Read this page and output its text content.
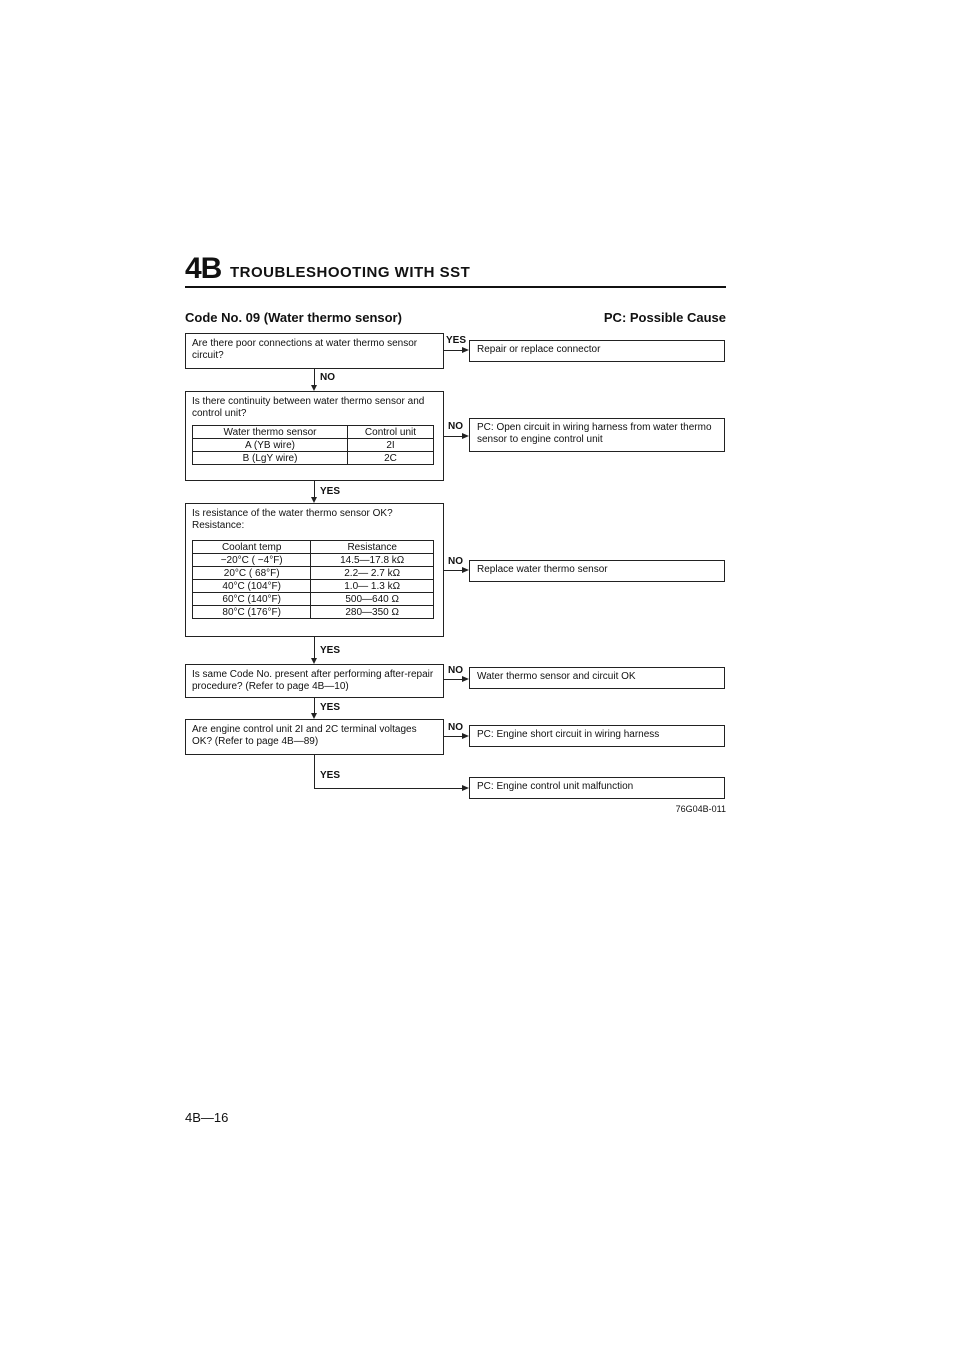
4B TROUBLESHOOTING WITH SST
Code No. 09 (Water thermo sensor)	PC: Possible Cause
Are there poor connections at water thermo sensor circuit?
YES
Repair or replace connector
NO
Is there continuity between water thermo sensor and control unit?
Water thermo sensor	Control unit
A (YB wire)	2I
B (LgY wire)	2C
NO	PC: Open circuit in wiring harness from water thermo sensor to engine control unit
YES
Is resistance of the water thermo sensor OK? Resistance:
Coolant temp	Resistance
−20°C ( −4°F)	14.5—17.8 kΩ
20°C ( 68°F)	2.2— 2.7 kΩ
40°C (104°F)	1.0— 1.3 kΩ
60°C (140°F)	500—640 Ω
80°C (176°F)	280—350 Ω
NO
Replace water thermo sensor
YES
Is same Code No. present after performing after-repair procedure? (Refer to page 4B—10)
NO
Water thermo sensor and circuit OK
YES
Are engine control unit 2I and 2C terminal voltages OK? (Refer to page 4B—89)
NO
PC: Engine short circuit in wiring harness
YES
PC: Engine control unit malfunction
76G04B-011
4B—16
